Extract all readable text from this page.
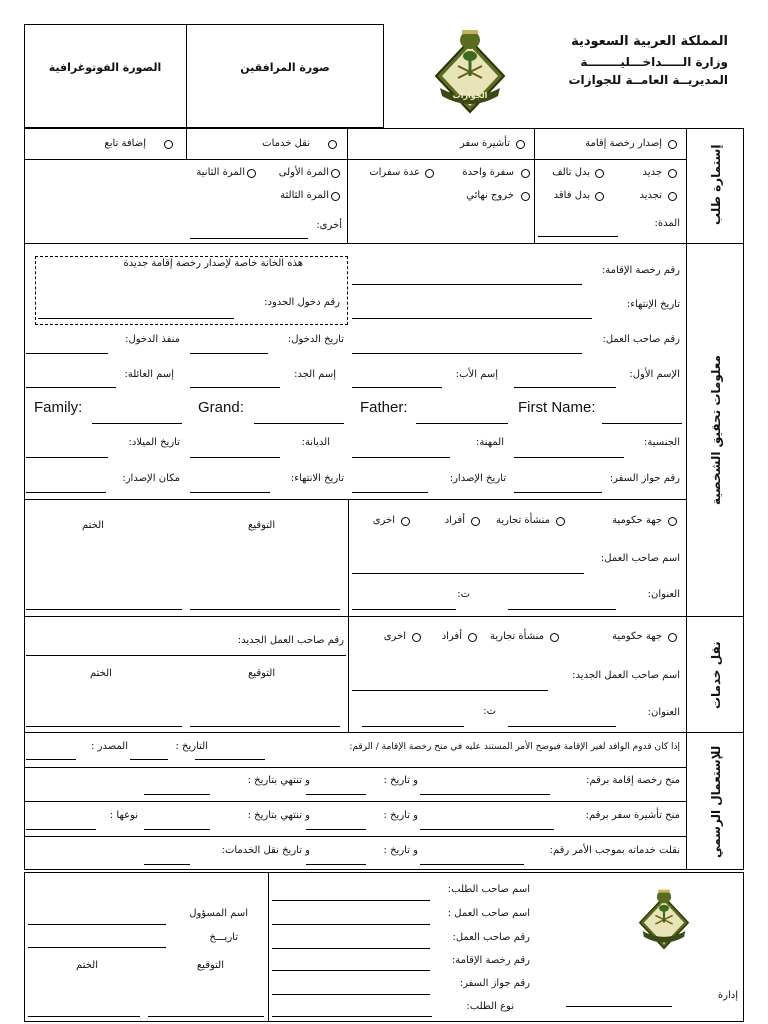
الصورة الفوتوغرافية	صورة المرافقين
الجوازات
المملكة العربية السعودية
وزارة الـــــداخـــليــــــــة
المديريــة العامــة للجوازات
إستمارة طلب
معلومات تحقيق الشخصية
نقل خدمات
للإستعمال الرسمي
إصدار رخصة إقامة
تأشيرة سفر
نقل خدمات
إضافة تابع
جديد
بدل تالف
تجديد
بدل فاقد
المدة:
سفرة واحدة
عدة سفرات
خروج نهائي
المرة الأولى
المرة الثانية
المرة الثالثة
أخرى:
هذه الخانة خاصة لإصدار رخصة إقامة جديدة
رقم دخول الحدود:
رقم رخصة الإقامة:
تاريخ الإنتهاء:
رقم صاحب العمل:
تاريخ الدخول:
منفذ الدخول:
الإسم الأول:
إسم الأب:
إسم الجد:
إسم العائلة:
First Name:
Father:
Grand:
Family:
الجنسية:
المهنة:
الديانة:
تاريخ الميلاد:
رقم جواز السفر:
تاريخ الإصدار:
تاريخ الانتهاء:
مكان الإصدار:
جهة حكومية
منشأة تجارية
أفراد
اخرى
اسم صاحب العمل:
العنوان:
ت:
التوقيع
الختم
جهة حكومية
منشأة تجارية
أفراد
اخرى
اسم صاحب العمل الجديد:
العنوان:
ت:
رقم صاحب العمل الجديد:
التوقيع
الختم
إذا كان قدوم الوافد لغير الإقامة فيوضح الأمر المستند عليه في منح رخصة الإقامة / الرقم:
التاريخ :
المصدر :
منح رخصة إقامة برقم:
و تاريخ :
و تنتهي بتاريخ :
منح تأشيرة سفر برقم:
و تاريخ :
و تنتهي بتاريخ :
نوعها :
نقلت خدماته بموجب الأمر رقم:
و تاريخ :
و تاريخ نقل الخدمات:
إدارة
اسم صاحب الطلب:
اسم صاحب العمل :
رقم صاحب العمل:
رقم رخصة الإقامة:
رقم جواز السفر:
نوع الطلب:
اسم المسؤول
تاريـــخ
التوقيع
الختم
